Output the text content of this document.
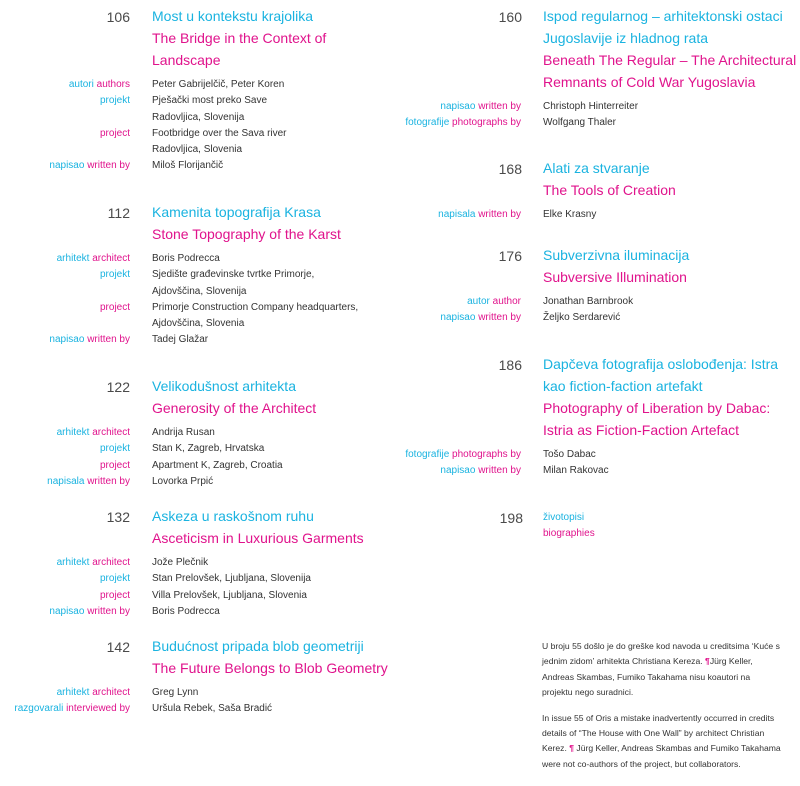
106 Most u kontekstu krajolika
The Bridge in the Context of Landscape
autori authors Peter Gabrijelčič, Peter Koren
projekt Pješački most preko Save
Radovljica, Slovenija
project Footbridge over the Sava river
Radovljica, Slovenia
napisao written by Miloš Florijančič
112 Kamenita topografija Krasa
Stone Topography of the Karst
arhitekt architect Boris Podrecca
projekt Sjedište građevinske tvrtke Primorje,
Ajdovščina, Slovenija
project Primorje Construction Company headquarters,
Ajdovščina, Slovenia
napisao written by Tadej Glažar
122 Velikodušnost arhitekta
Generosity of the Architect
arhitekt architect Andrija Rusan
projekt Stan K, Zagreb, Hrvatska
project Apartment K, Zagreb, Croatia
napisala written by Lovorka Prpić
132 Askeza u raskošnom ruhu
Asceticism in Luxurious Garments
arhitekt architect Jože Plečnik
projekt Stan Prelovšek, Ljubljana, Slovenija
project Villa Prelovšek, Ljubljana, Slovenia
napisao written by Boris Podrecca
142 Budućnost pripada blob geometriji
The Future Belongs to Blob Geometry
arhitekt architect Greg Lynn
razgovarali interviewed by Uršula Rebek, Saša Bradić
160 Ispod regularnog – arhitektonski ostaci Jugoslavije iz hladnog rata
Beneath The Regular – The Architectural Remnants of Cold War Yugoslavia
napisao written by Christoph Hinterreiter
fotografije photographs by Wolfgang Thaler
168 Alati za stvaranje
The Tools of Creation
napisala written by Elke Krasny
176 Subverzivna iluminacija
Subversive Illumination
autor author Jonathan Barnbrook
napisao written by Željko Serdarević
186 Dapčeva fotografija oslobođenja: Istra kao fiction-faction artefakt
Photography of Liberation by Dabac: Istria as Fiction-Faction Artefact
fotografije photographs by Tošo Dabac
napisao written by Milan Rakovac
198 životopisi
biographies

U broju 55 došlo je do greške kod navoda u creditsima ‘Kuće s jednim zidom’ arhitekta Christiana Kereza. ¶Jürg Keller, Andreas Skambas, Fumiko Takahama nisu koautori na projektu nego suradnici.

In issue 55 of Oris a mistake inadvertently occurred in credits details of “The House with One Wall” by architect Christian Kerez. ¶ Jürg Keller, Andreas Skambas and Fumiko Takahama were not co-authors of the project, but collaborators.
